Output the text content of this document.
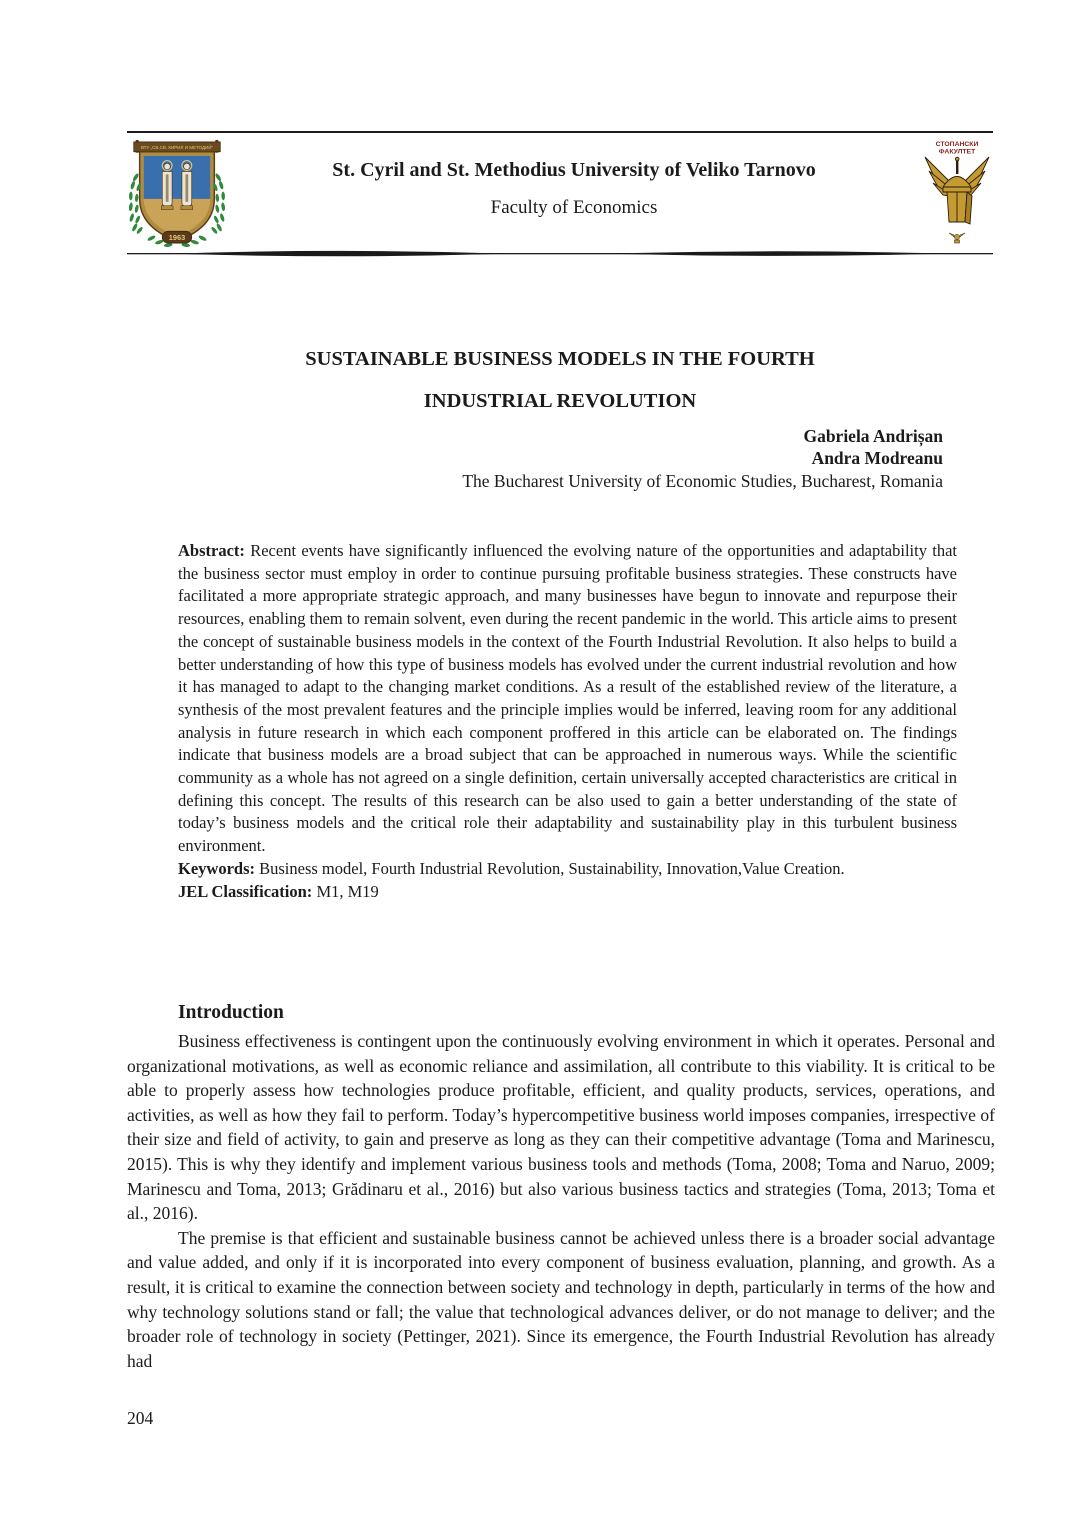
ВТУ „СВ.СВ. КИРИЛ И МЕТОДИЙ“
1963
St. Cyril and St. Methodius University of Veliko Tarnovo
Faculty of Economics
СТОПАНСКИ
ФАКУЛТЕТ
SUSTAINABLE BUSINESS MODELS IN THE FOURTH
INDUSTRIAL REVOLUTION
Gabriela Andrișan
Andra Modreanu
The Bucharest University of Economic Studies, Bucharest, Romania

Abstract: Recent events have significantly influenced the evolving nature of the opportunities and adaptability that the business sector must employ in order to continue pursuing profitable business strategies. These constructs have facilitated a more appropriate strategic approach, and many businesses have begun to innovate and repurpose their resources, enabling them to remain solvent, even during the recent pandemic in the world. This article aims to present the concept of sustainable business models in the context of the Fourth Industrial Revolution. It also helps to build a better understanding of how this type of business models has evolved under the current industrial revolution and how it has managed to adapt to the changing market conditions. As a result of the established review of the literature, a synthesis of the most prevalent features and the principle implies would be inferred, leaving room for any additional analysis in future research in which each component proffered in this article can be elaborated on. The findings indicate that business models are a broad subject that can be approached in numerous ways. While the scientific community as a whole has not agreed on a single definition, certain universally accepted characteristics are critical in defining this concept. The results of this research can be also used to gain a better understanding of the state of today’s business models and the critical role their adaptability and sustainability play in this turbulent business environment.

Keywords: Business model, Fourth Industrial Revolution, Sustainability, Innovation,Value Creation.

JEL Classification: M1, M19

Introduction

Business effectiveness is contingent upon the continuously evolving environment in which it operates. Personal and organizational motivations, as well as economic reliance and assimilation, all contribute to this viability. It is critical to be able to properly assess how technologies produce profitable, efficient, and quality products, services, operations, and activities, as well as how they fail to perform. Today’s hypercompetitive business world imposes companies, irrespective of their size and field of activity, to gain and preserve as long as they can their competitive advantage (Toma and Marinescu, 2015). This is why they identify and implement various business tools and methods (Toma, 2008; Toma and Naruo, 2009; Marinescu and Toma, 2013; Grădinaru et al., 2016) but also various business tactics and strategies (Toma, 2013; Toma et al., 2016).

The premise is that efficient and sustainable business cannot be achieved unless there is a broader social advantage and value added, and only if it is incorporated into every component of business evaluation, planning, and growth. As a result, it is critical to examine the connection between society and technology in depth, particularly in terms of the how and why technology solutions stand or fall; the value that technological advances deliver, or do not manage to deliver; and the broader role of technology in society (Pettinger, 2021). Since its emergence, the Fourth Industrial Revolution has already had

204
